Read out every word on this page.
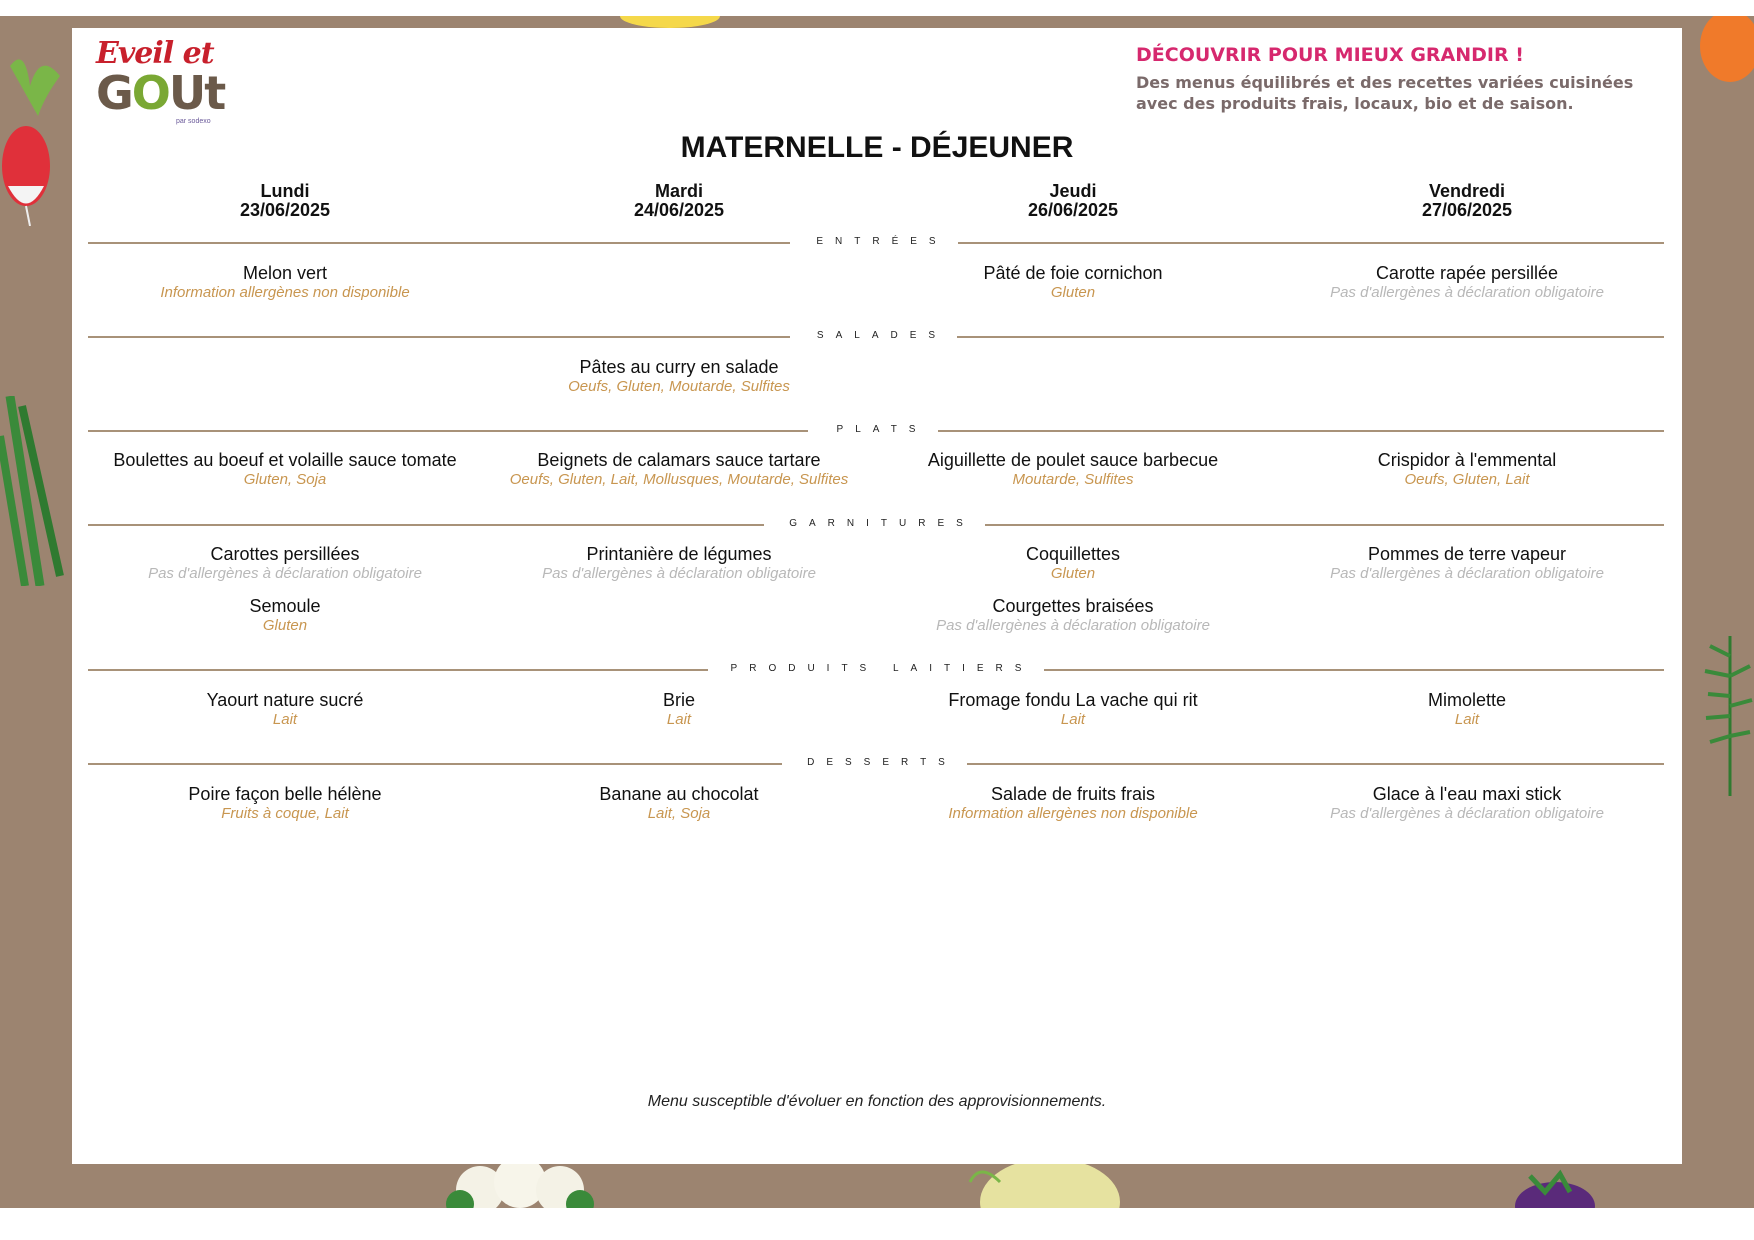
Eveil et
GOUt
par sodexo
DÉCOUVRIR POUR MIEUX GRANDIR !
Des menus équilibrés et des recettes variées cuisinées
avec des produits frais, locaux, bio et de saison.
MATERNELLE - DÉJEUNER
Lundi
23/06/2025
Mardi
24/06/2025
Jeudi
26/06/2025
Vendredi
27/06/2025
ENTRÉES
Melon vert
Information allergènes non disponible
Pâté de foie cornichon
Gluten
Carotte rapée persillée
Pas d'allergènes à déclaration obligatoire
SALADES
Pâtes au curry en salade
Oeufs, Gluten, Moutarde, Sulfites
PLATS
Boulettes au boeuf et volaille sauce tomate
Gluten, Soja
Beignets de calamars sauce tartare
Oeufs, Gluten, Lait, Mollusques, Moutarde, Sulfites
Aiguillette de poulet sauce barbecue
Moutarde, Sulfites
Crispidor à l'emmental
Oeufs, Gluten, Lait
GARNITURES
Carottes persillées
Pas d'allergènes à déclaration obligatoire
Printanière de légumes
Pas d'allergènes à déclaration obligatoire
Coquillettes
Gluten
Pommes de terre vapeur
Pas d'allergènes à déclaration obligatoire
Semoule
Gluten
Courgettes braisées
Pas d'allergènes à déclaration obligatoire
PRODUITS LAITIERS
Yaourt nature sucré
Lait
Brie
Lait
Fromage fondu La vache qui rit
Lait
Mimolette
Lait
DESSERTS
Poire façon belle hélène
Fruits à coque, Lait
Banane au chocolat
Lait, Soja
Salade de fruits frais
Information allergènes non disponible
Glace à l'eau maxi stick
Pas d'allergènes à déclaration obligatoire
Menu susceptible d'évoluer en fonction des approvisionnements.
